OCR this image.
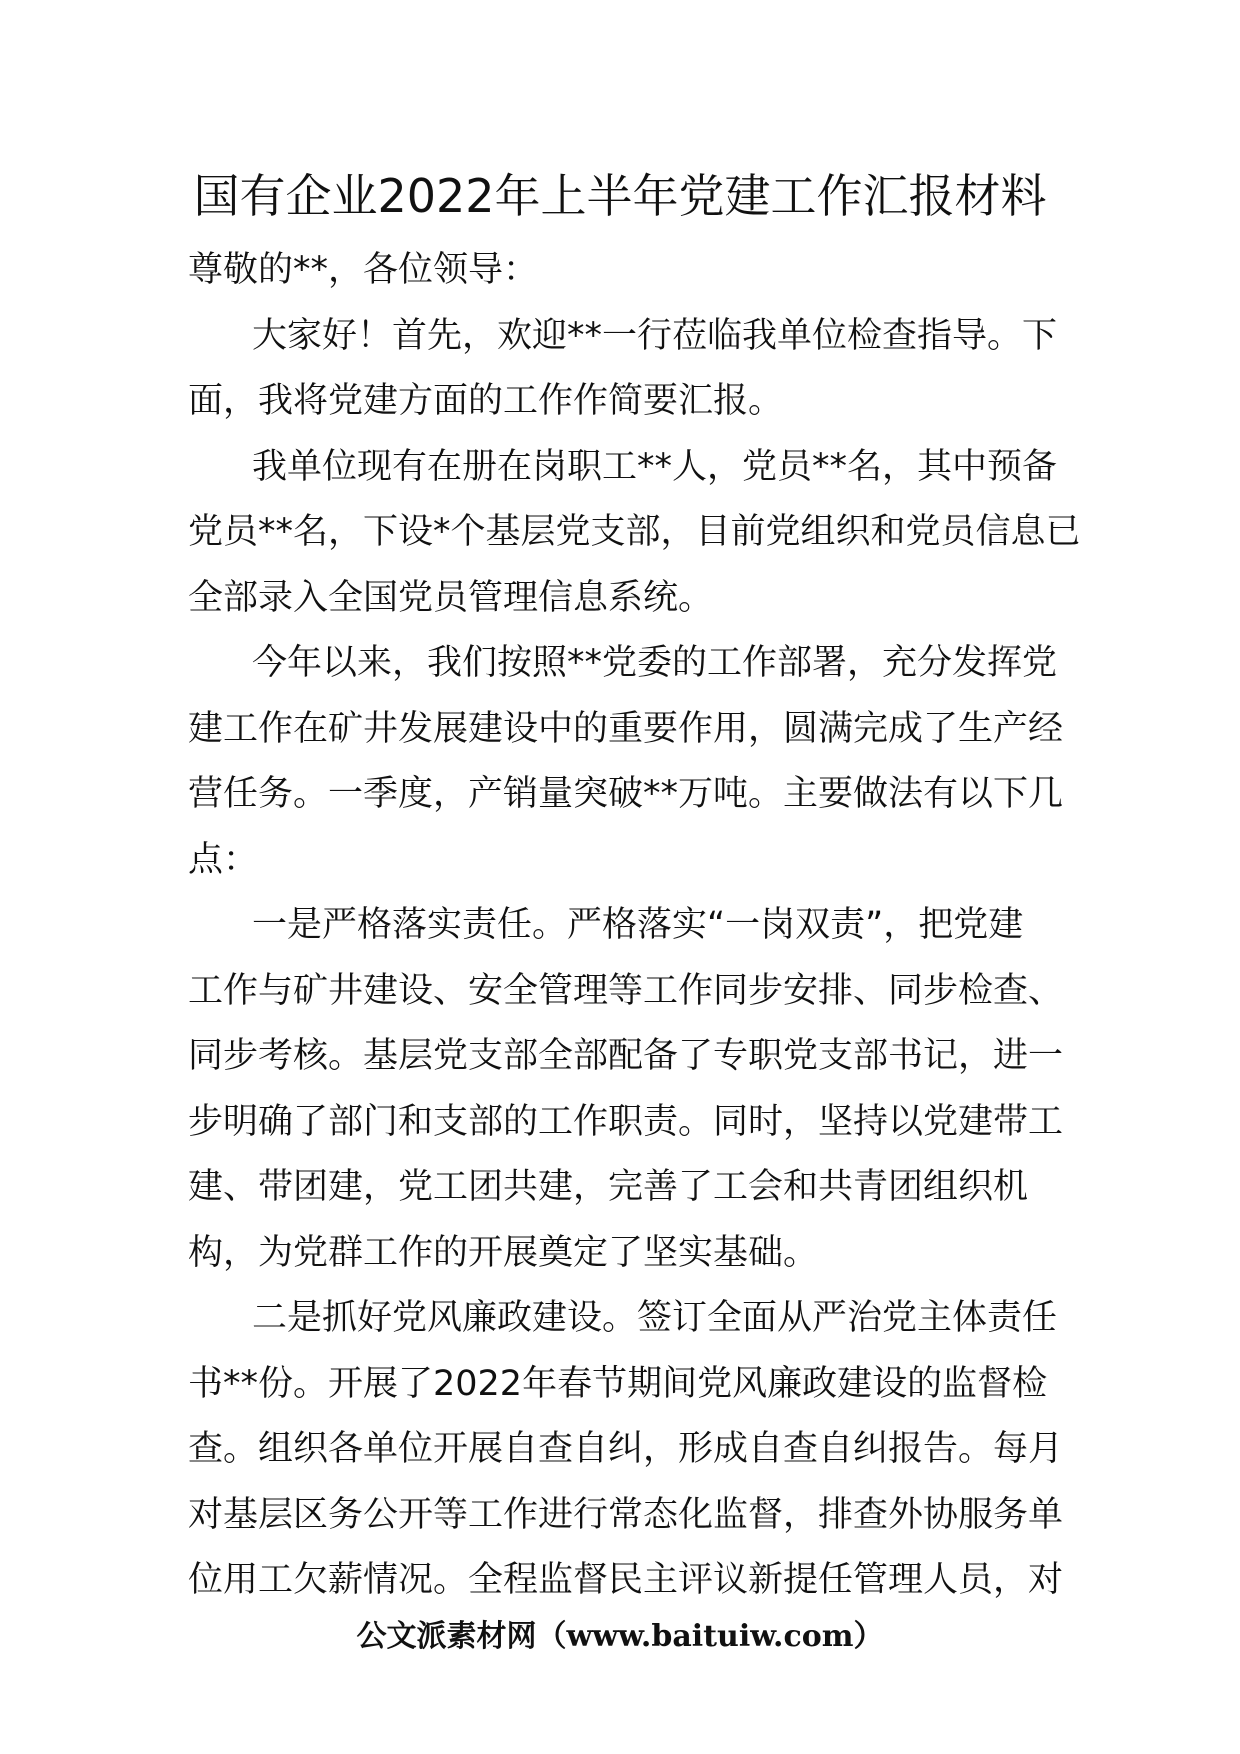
国有企业2022年上半年党建工作汇报材料
尊敬的**，各位领导：
大家好！首先，欢迎**一行莅临我单位检查指导。下
面，我将党建方面的工作作简要汇报。
我单位现有在册在岗职工**人，党员**名，其中预备
党员**名，下设*个基层党支部，目前党组织和党员信息已
全部录入全国党员管理信息系统。
今年以来，我们按照**党委的工作部署，充分发挥党
建工作在矿井发展建设中的重要作用，圆满完成了生产经
营任务。一季度，产销量突破**万吨。主要做法有以下几
点：
一是严格落实责任。严格落实“一岗双责”，把党建
工作与矿井建设、安全管理等工作同步安排、同步检查、
同步考核。基层党支部全部配备了专职党支部书记，进一
步明确了部门和支部的工作职责。同时，坚持以党建带工
建、带团建，党工团共建，完善了工会和共青团组织机
构，为党群工作的开展奠定了坚实基础。
二是抓好党风廉政建设。签订全面从严治党主体责任
书**份。开展了2022年春节期间党风廉政建设的监督检
查。组织各单位开展自查自纠，形成自查自纠报告。每月
对基层区务公开等工作进行常态化监督，排查外协服务单
位用工欠薪情况。全程监督民主评议新提任管理人员，对
公文派素材网（www.baituiw.com）
